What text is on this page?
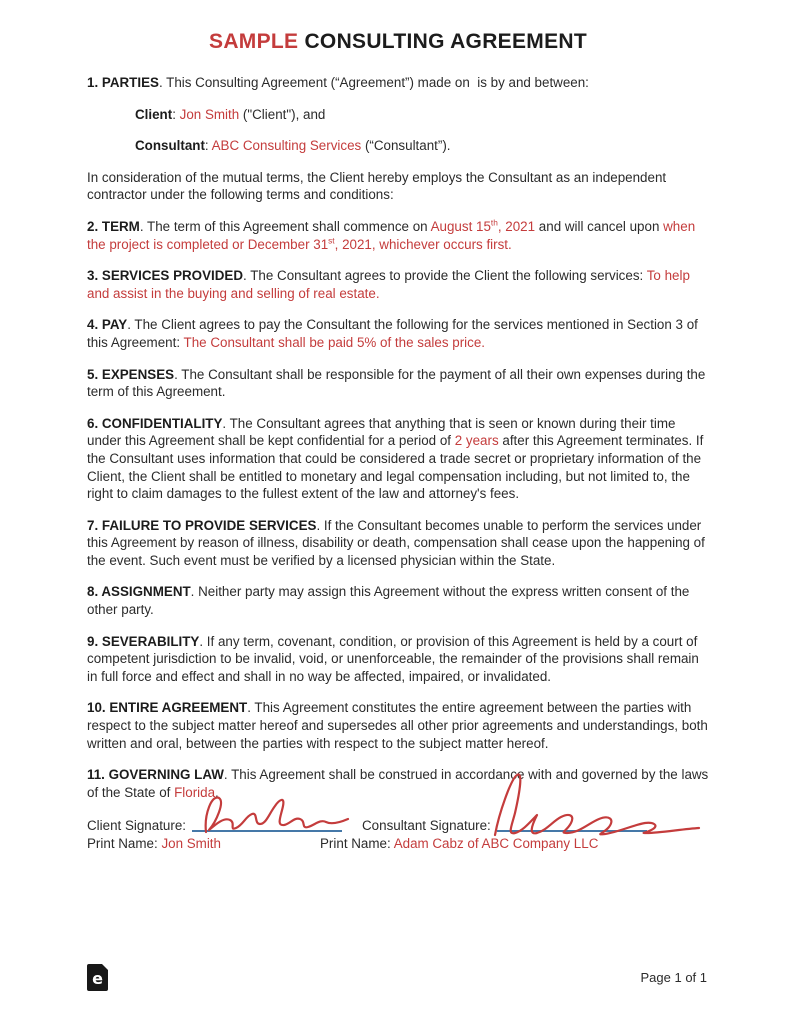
SAMPLE CONSULTING AGREEMENT

1. PARTIES. This Consulting Agreement (“Agreement”) made on  is by and between:

Client: Jon Smith ("Client"), and

Consultant: ABC Consulting Services (“Consultant”).

In consideration of the mutual terms, the Client hereby employs the Consultant as an independent contractor under the following terms and conditions:

2. TERM. The term of this Agreement shall commence on August 15th, 2021 and will cancel upon when the project is completed or December 31st, 2021, whichever occurs first.

3. SERVICES PROVIDED. The Consultant agrees to provide the Client the following services: To help and assist in the buying and selling of real estate.

4. PAY. The Client agrees to pay the Consultant the following for the services mentioned in Section 3 of this Agreement: The Consultant shall be paid 5% of the sales price.

5. EXPENSES. The Consultant shall be responsible for the payment of all their own expenses during the term of this Agreement.

6. CONFIDENTIALITY. The Consultant agrees that anything that is seen or known during their time under this Agreement shall be kept confidential for a period of 2 years after this Agreement terminates. If the Consultant uses information that could be considered a trade secret or proprietary information of the Client, the Client shall be entitled to monetary and legal compensation including, but not limited to, the right to claim damages to the fullest extent of the law and attorney's fees.

7. FAILURE TO PROVIDE SERVICES. If the Consultant becomes unable to perform the services under this Agreement by reason of illness, disability or death, compensation shall cease upon the happening of the event. Such event must be verified by a licensed physician within the State.

8. ASSIGNMENT. Neither party may assign this Agreement without the express written consent of the other party.

9. SEVERABILITY. If any term, covenant, condition, or provision of this Agreement is held by a court of competent jurisdiction to be invalid, void, or unenforceable, the remainder of the provisions shall remain in full force and effect and shall in no way be affected, impaired, or invalidated.

10. ENTIRE AGREEMENT. This Agreement constitutes the entire agreement between the parties with respect to the subject matter hereof and supersedes all other prior agreements and understandings, both written and oral, between the parties with respect to the subject matter hereof.

11. GOVERNING LAW. This Agreement shall be construed in accordance with and governed by the laws of the State of Florida.

Client Signature:	Consultant Signature:
Print Name: Jon Smith	Print Name: Adam Cabz of ABC Company LLC
e	Page 1 of 1
